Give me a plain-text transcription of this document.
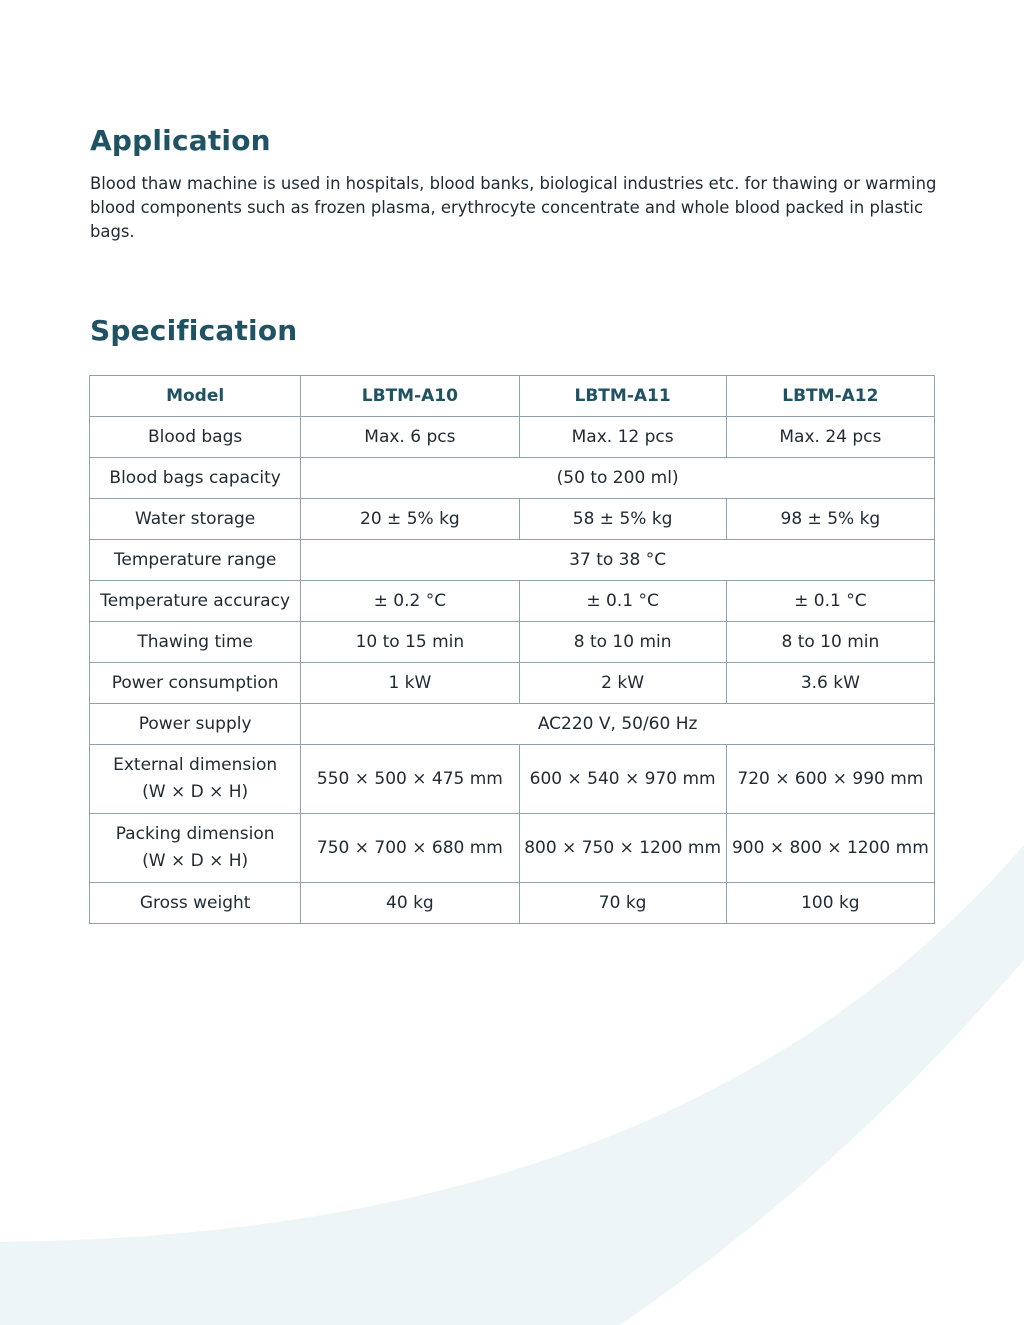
Application

Blood thaw machine is used in hospitals, blood banks, biological industries etc. for thawing or warming blood components such as frozen plasma, erythrocyte concentrate and whole blood packed in plastic bags.

Specification
Model	LBTM-A10	LBTM-A11	LBTM-A12
Blood bags	Max. 6 pcs	Max. 12 pcs	Max. 24 pcs
Blood bags capacity	(50 to 200 ml)		
Water storage	20 ± 5% kg	58 ± 5% kg	98 ± 5% kg
Temperature range	37 to 38 °C		
Temperature accuracy	± 0.2 °C	± 0.1 °C	± 0.1 °C
Thawing time	10 to 15 min	8 to 10 min	8 to 10 min
Power consumption	1 kW	2 kW	3.6 kW
Power supply	AC220 V, 50/60 Hz		
External dimension
(W × D × H)	550 × 500 × 475 mm	600 × 540 × 970 mm	720 × 600 × 990 mm
Packing dimension
(W × D × H)	750 × 700 × 680 mm	800 × 750 × 1200 mm	900 × 800 × 1200 mm
Gross weight	40 kg	70 kg	100 kg
